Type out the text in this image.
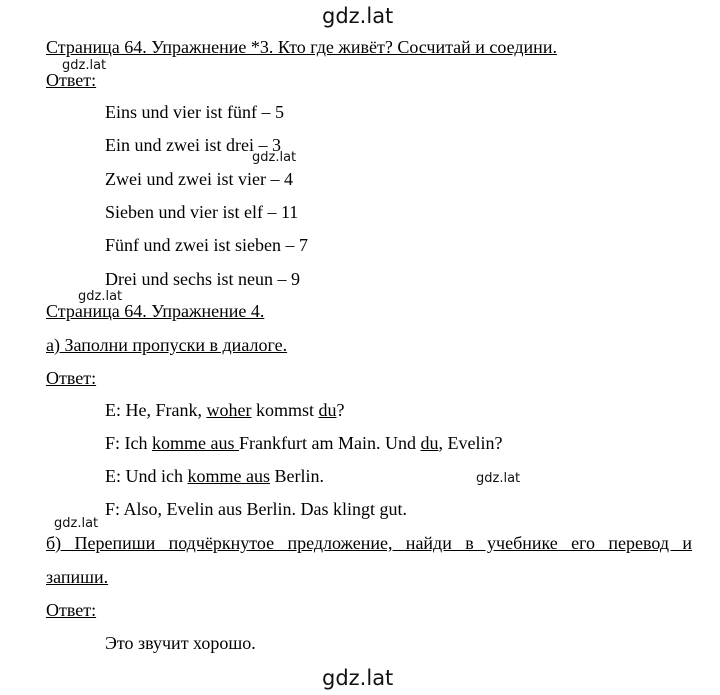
gdz.lat
gdz.lat
gdz.lat
gdz.lat
gdz.lat
gdz.lat
gdz.lat
Страница 64. Упражнение *3. Кто где живёт? Сосчитай и соедини.
Ответ:
Eins und vier ist fünf – 5
Ein und zwei ist drei – 3
Zwei und zwei ist vier – 4
Sieben und vier ist elf – 11
Fünf und zwei ist sieben – 7
Drei und sechs ist neun – 9
Страница 64. Упражнение 4.
а) Заполни пропуски в диалоге.
Ответ:
E: He, Frank, woher kommst du?
F: Ich komme aus Frankfurt am Main. Und du, Evelin?
E: Und ich komme aus Berlin.
F: Also, Evelin aus Berlin. Das klingt gut.
б) Перепиши подчёркнутое предложение, найди в учебнике его перевод и
запиши.
Ответ:
Это звучит хорошо.
